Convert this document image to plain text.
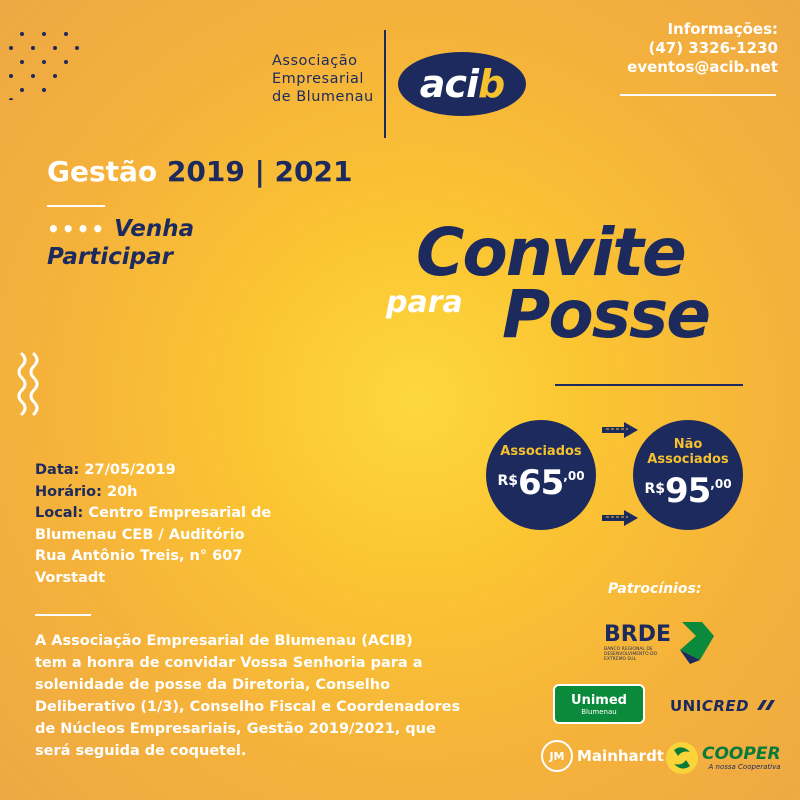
Associação
Empresarial
de Blumenau acib
Informações:
(47) 3326-1230
eventos@acib.net
Gestão 2019 | 2021
•••• Venha
Participar	Convite
para Posse
Associados
$R\$65^{,00}$
Não
Associados
$R\$95^{,00}$
Data: 27/05/2019
Horário: 20h
Local: Centro Empresarial de
Blumenau CEB / Auditório
Rua Antônio Treis, n° 607
Vorstadt
A Associação Empresarial de Blumenau (ACIB)
tem a honra de convidar Vossa Senhoria para a
solenidade de posse da Diretoria, Conselho
Deliberativo (1/3), Conselho Fiscal e Coordenadores
de Núcleos Empresariais, Gestão 2019/2021, que
será seguida de coquetel.
Patrocínios:
BRDE
BANCO REGIONAL DE DESENVOLVIMENTO DO EXTREMO SUL
Unimed
Blumenau	UNICRED
JM Mainhardt COOPER
A nossa Cooperativa
